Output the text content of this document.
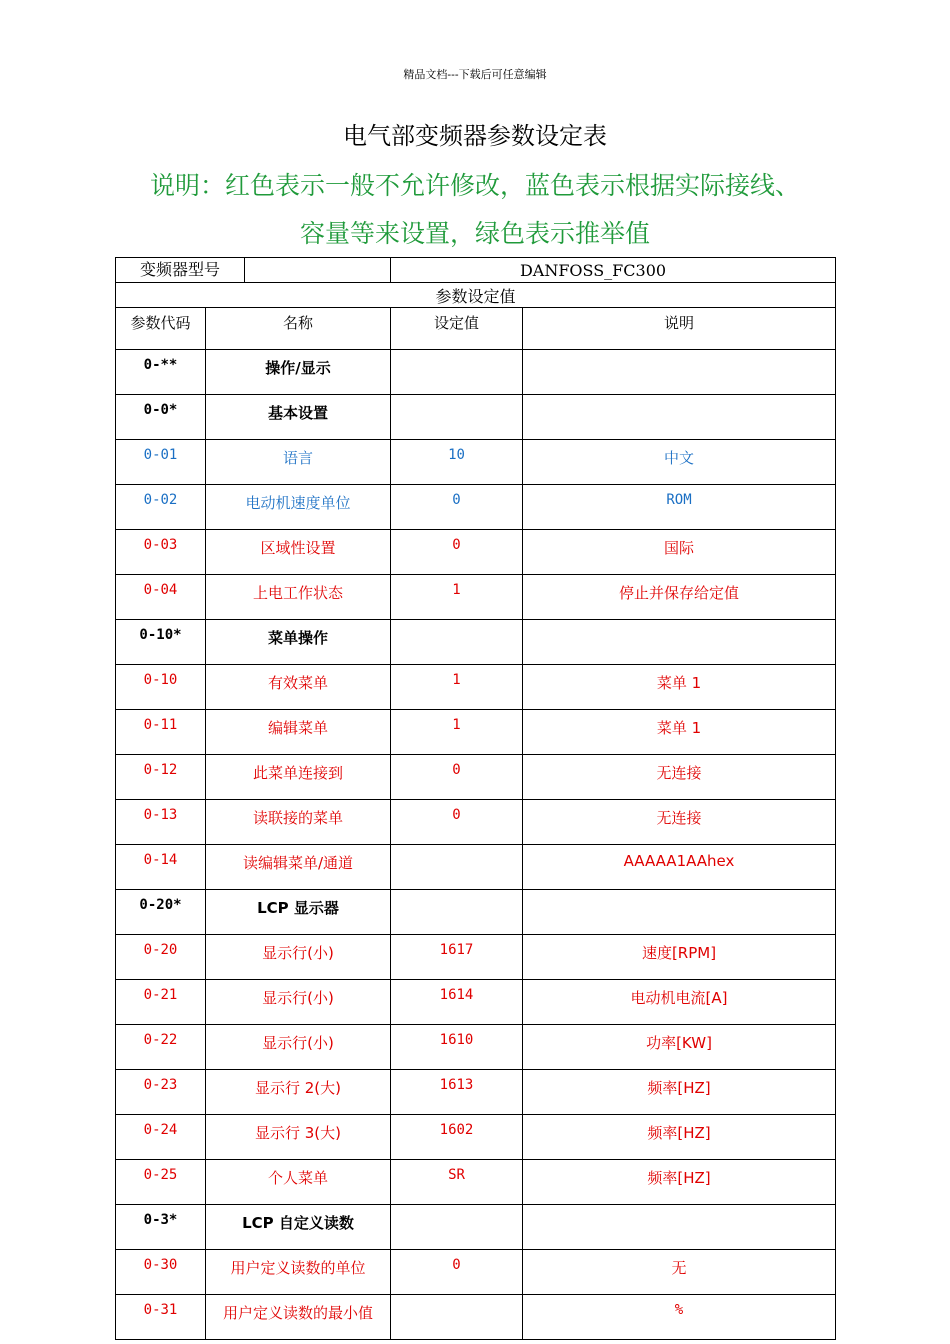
精品文档---下载后可任意编辑
电气部变频器参数设定表
说明：红色表示一般不允许修改，蓝色表示根据实际接线、
容量等来设置，绿色表示推举值
变频器型号		DANFOSS_FC300	

参数设定值			
参数代码	名称	设定值	说明
0-**	操作/显示		
0-0*	基本设置		
0-01	语言	10	中文
0-02	电动机速度单位	0	ROM
0-03	区域性设置	0	国际
0-04	上电工作状态	1	停止并保存给定值
0-10*	菜单操作		
0-10	有效菜单	1	菜单 1
0-11	编辑菜单	1	菜单 1
0-12	此菜单连接到	0	无连接
0-13	读联接的菜单	0	无连接
0-14	读编辑菜单/通道		AAAAA1AAhex
0-20*	LCP 显示器		
0-20	显示行(小)	1617	速度[RPM]
0-21	显示行(小)	1614	电动机电流[A]
0-22	显示行(小)	1610	功率[KW]
0-23	显示行 2(大)	1613	频率[HZ]
0-24	显示行 3(大)	1602	频率[HZ]
0-25	个人菜单	SR	频率[HZ]
0-3*	LCP 自定义读数		
0-30	用户定义读数的单位	0	无
0-31	用户定义读数的最小值		%
